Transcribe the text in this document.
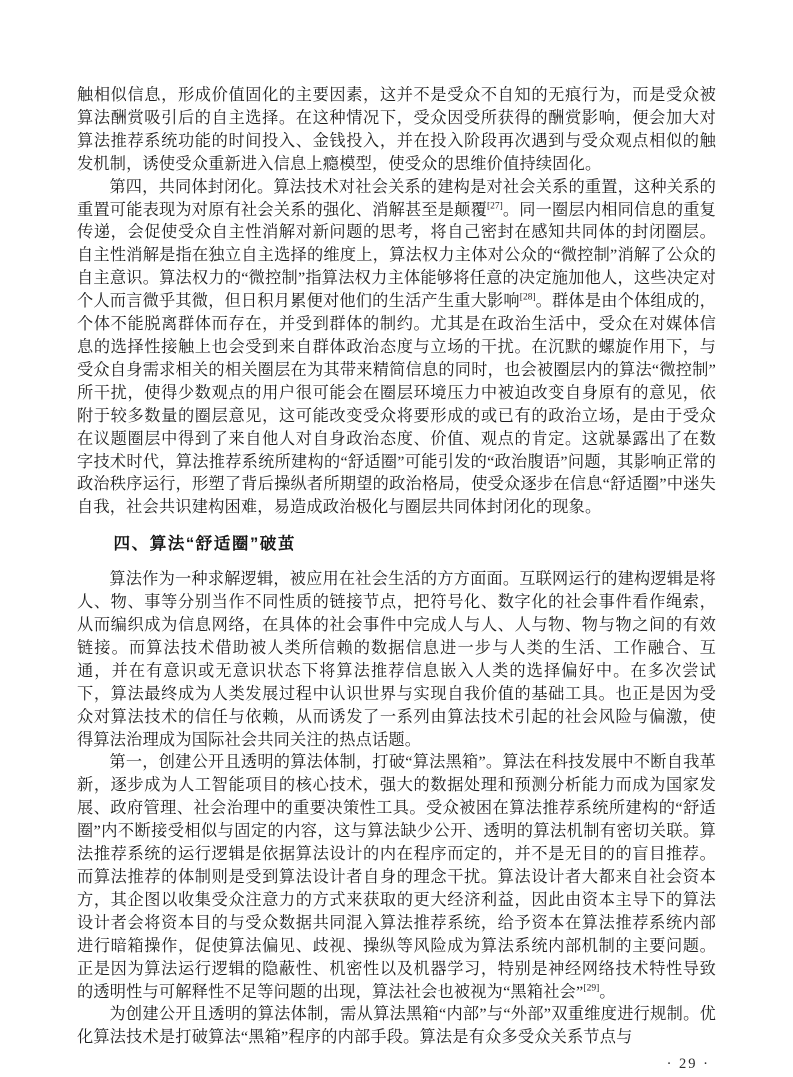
触相似信息，形成价值固化的主要因素，这并不是受众不自知的无痕行为，而是受众被算法酬赏吸引后的自主选择。在这种情况下，受众因受所获得的酬赏影响，便会加大对算法推荐系统功能的时间投入、金钱投入，并在投入阶段再次遇到与受众观点相似的触发机制，诱使受众重新进入信息上瘾模型，使受众的思维价值持续固化。

第四，共同体封闭化。算法技术对社会关系的建构是对社会关系的重置，这种关系的重置可能表现为对原有社会关系的强化、消解甚至是颠覆[27]。同一圈层内相同信息的重复传递，会促使受众自主性消解对新问题的思考，将自己密封在感知共同体的封闭圈层。自主性消解是指在独立自主选择的维度上，算法权力主体对公众的“微控制”消解了公众的自主意识。算法权力的“微控制”指算法权力主体能够将任意的决定施加他人，这些决定对个人而言微乎其微，但日积月累便对他们的生活产生重大影响[28]。群体是由个体组成的，个体不能脱离群体而存在，并受到群体的制约。尤其是在政治生活中，受众在对媒体信息的选择性接触上也会受到来自群体政治态度与立场的干扰。在沉默的螺旋作用下，与受众自身需求相关的相关圈层在为其带来精简信息的同时，也会被圈层内的算法“微控制”所干扰，使得少数观点的用户很可能会在圈层环境压力中被迫改变自身原有的意见，依附于较多数量的圈层意见，这可能改变受众将要形成的或已有的政治立场，是由于受众在议题圈层中得到了来自他人对自身政治态度、价值、观点的肯定。这就暴露出了在数字技术时代，算法推荐系统所建构的“舒适圈”可能引发的“政治腹语”问题，其影响正常的政治秩序运行，形塑了背后操纵者所期望的政治格局，使受众逐步在信息“舒适圈”中迷失自我，社会共识建构困难，易造成政治极化与圈层共同体封闭化的现象。

四、算法“舒适圈”破茧

算法作为一种求解逻辑，被应用在社会生活的方方面面。互联网运行的建构逻辑是将人、物、事等分别当作不同性质的链接节点，把符号化、数字化的社会事件看作绳索，从而编织成为信息网络，在具体的社会事件中完成人与人、人与物、物与物之间的有效链接。而算法技术借助被人类所信赖的数据信息进一步与人类的生活、工作融合、互通，并在有意识或无意识状态下将算法推荐信息嵌入人类的选择偏好中。在多次尝试下，算法最终成为人类发展过程中认识世界与实现自我价值的基础工具。也正是因为受众对算法技术的信任与依赖，从而诱发了一系列由算法技术引起的社会风险与偏激，使得算法治理成为国际社会共同关注的热点话题。

第一，创建公开且透明的算法体制，打破“算法黑箱”。算法在科技发展中不断自我革新，逐步成为人工智能项目的核心技术，强大的数据处理和预测分析能力而成为国家发展、政府管理、社会治理中的重要决策性工具。受众被困在算法推荐系统所建构的“舒适圈”内不断接受相似与固定的内容，这与算法缺少公开、透明的算法机制有密切关联。算法推荐系统的运行逻辑是依据算法设计的内在程序而定的，并不是无目的的盲目推荐。而算法推荐的体制则是受到算法设计者自身的理念干扰。算法设计者大都来自社会资本方，其企图以收集受众注意力的方式来获取的更大经济利益，因此由资本主导下的算法设计者会将资本目的与受众数据共同混入算法推荐系统，给予资本在算法推荐系统内部进行暗箱操作，促使算法偏见、歧视、操纵等风险成为算法系统内部机制的主要问题。正是因为算法运行逻辑的隐蔽性、机密性以及机器学习，特别是神经网络技术特性导致的透明性与可解释性不足等问题的出现，算法社会也被视为“黑箱社会”[29]。

为创建公开且透明的算法体制，需从算法黑箱“内部”与“外部”双重维度进行规制。优化算法技术是打破算法“黑箱”程序的内部手段。算法是有众多受众关系节点与

· 29 ·
